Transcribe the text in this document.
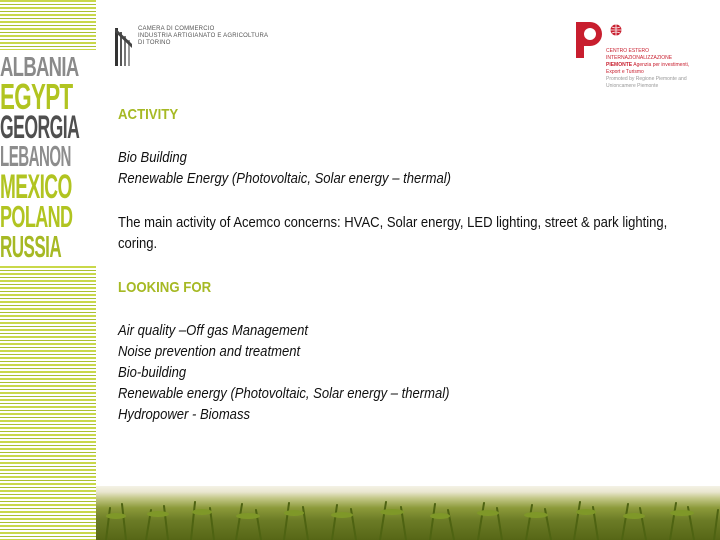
ALBANIA
EGYPT
GEORGIA
LEBANON
MEXICO
POLAND
RUSSIA
CAMERA DI COMMERCIO
INDUSTRIA ARTIGIANATO E AGRICOLTURA
DI TORINO
CENTRO ESTERO INTERNAZIONALIZZAZIONE
PIEMONTE Agenzia per investimenti, Export e Turismo
Promoted by Regione Piemonte and Unioncamere Piemonte
ACTIVITY
Bio Building
Renewable Energy (Photovoltaic, Solar energy – thermal)
The main activity of Acemco concerns: HVAC, Solar energy, LED lighting, street & park lighting, coring.
LOOKING FOR
Air quality –Off gas Management
Noise prevention and treatment
Bio-building
Renewable energy (Photovoltaic, Solar energy – thermal)
Hydropower - Biomass
